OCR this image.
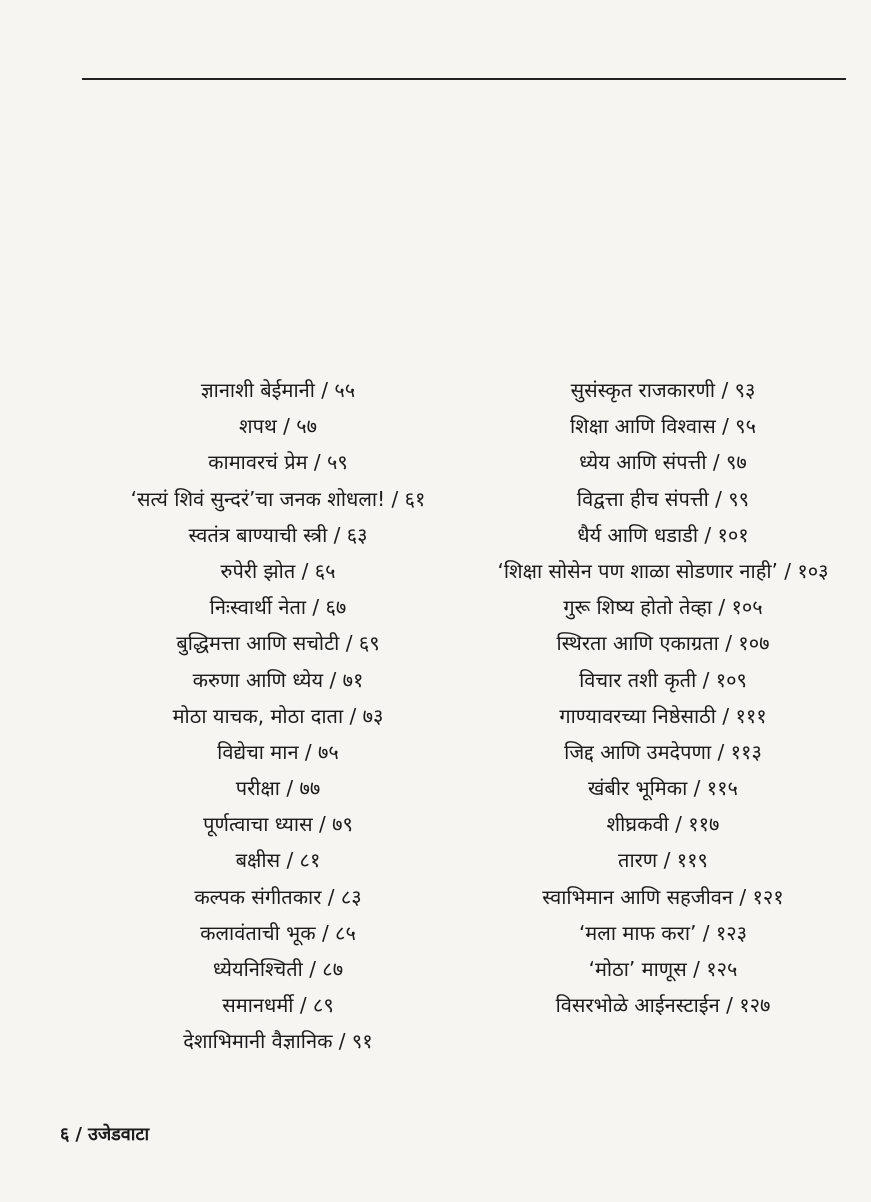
ज्ञानाशी बेईमानी / ५५
शपथ / ५७
कामावरचं प्रेम / ५९
‘सत्यं शिवं सुन्दरं’चा जनक शोधला! / ६१
स्वतंत्र बाण्याची स्त्री / ६३
रुपेरी झोत / ६५
निःस्वार्थी नेता / ६७
बुद्धिमत्ता आणि सचोटी / ६९
करुणा आणि ध्येय / ७१
मोठा याचक, मोठा दाता / ७३
विद्येचा मान / ७५
परीक्षा / ७७
पूर्णत्वाचा ध्यास / ७९
बक्षीस / ८१
कल्पक संगीतकार / ८३
कलावंताची भूक / ८५
ध्येयनिश्चिती / ८७
समानधर्मी / ८९
देशाभिमानी वैज्ञानिक / ९१
सुसंस्कृत राजकारणी / ९३
शिक्षा आणि विश्वास / ९५
ध्येय आणि संपत्ती / ९७
विद्वत्ता हीच संपत्ती / ९९
धैर्य आणि धडाडी / १०१
‘शिक्षा सोसेन पण शाळा सोडणार नाही’ / १०३
गुरू शिष्य होतो तेव्हा / १०५
स्थिरता आणि एकाग्रता / १०७
विचार तशी कृती / १०९
गाण्यावरच्या निष्ठेसाठी / १११
जिद्द आणि उमदेपणा / ११३
खंबीर भूमिका / ११५
शीघ्रकवी / ११७
तारण / ११९
स्वाभिमान आणि सहजीवन / १२१
‘मला माफ करा’ / १२३
‘मोठा’ माणूस / १२५
विसरभोळे आईनस्टाईन / १२७
६ / उजेडवाटा
